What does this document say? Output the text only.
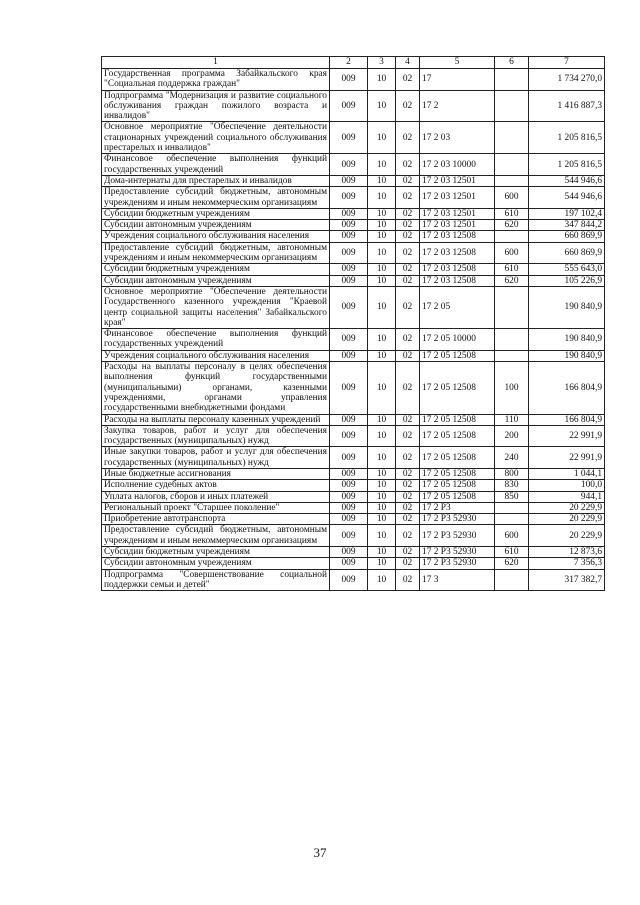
1	2	3	4	5	6	7
Государственная программа Забайкальского края "Социальная поддержка граждан"	009	10	02	17		1 734 270,0
Подпрограмма "Модернизация и развитие социального обслуживания граждан пожилого возраста и инвалидов"	009	10	02	17 2		1 416 887,3
Основное мероприятие "Обеспечение деятельности стационарных учреждений социального обслуживания престарелых и инвалидов"	009	10	02	17 2 03		1 205 816,5
Финансовое обеспечение выполнения функций государственных учреждений	009	10	02	17 2 03 10000		1 205 816,5
Дома-интернаты для престарелых и инвалидов	009	10	02	17 2 03 12501		544 946,6
Предоставление субсидий бюджетным, автономным учреждениям и иным некоммерческим организациям	009	10	02	17 2 03 12501	600	544 946,6
Субсидии бюджетным учреждениям	009	10	02	17 2 03 12501	610	197 102,4
Субсидии автономным учреждениям	009	10	02	17 2 03 12501	620	347 844,2
Учреждения социального обслуживания населения	009	10	02	17 2 03 12508		660 869,9
Предоставление субсидий бюджетным, автономным учреждениям и иным некоммерческим организациям	009	10	02	17 2 03 12508	600	660 869,9
Субсидии бюджетным учреждениям	009	10	02	17 2 03 12508	610	555 643,0
Субсидии автономным учреждениям	009	10	02	17 2 03 12508	620	105 226,9
Основное мероприятие "Обеспечение деятельности Государственного казенного учреждения "Краевой центр социальной защиты населения" Забайкальского края"	009	10	02	17 2 05		190 840,9
Финансовое обеспечение выполнения функций государственных учреждений	009	10	02	17 2 05 10000		190 840,9
Учреждения социального обслуживания населения	009	10	02	17 2 05 12508		190 840,9
Расходы на выплаты персоналу в целях обеспечения выполнения функций государственными (муниципальными) органами, казенными учреждениями, органами управления государственными внебюджетными фондами	009	10	02	17 2 05 12508	100	166 804,9
Расходы на выплаты персоналу казенных учреждений	009	10	02	17 2 05 12508	110	166 804,9
Закупка товаров, работ и услуг для обеспечения государственных (муниципальных) нужд	009	10	02	17 2 05 12508	200	22 991,9
Иные закупки товаров, работ и услуг для обеспечения государственных (муниципальных) нужд	009	10	02	17 2 05 12508	240	22 991,9
Иные бюджетные ассигнования	009	10	02	17 2 05 12508	800	1 044,1
Исполнение судебных актов	009	10	02	17 2 05 12508	830	100,0
Уплата налогов, сборов и иных платежей	009	10	02	17 2 05 12508	850	944,1
Региональный проект "Старшее поколение"	009	10	02	17 2 P3		20 229,9
Приобретение автотранспорта	009	10	02	17 2 P3 52930		20 229,9
Предоставление субсидий бюджетным, автономным учреждениям и иным некоммерческим организациям	009	10	02	17 2 P3 52930	600	20 229,9
Субсидии бюджетным учреждениям	009	10	02	17 2 P3 52930	610	12 873,6
Субсидии автономным учреждениям	009	10	02	17 2 P3 52930	620	7 356,3
Подпрограмма "Совершенствование социальной поддержки семьи и детей"	009	10	02	17 3		317 382,7
37
